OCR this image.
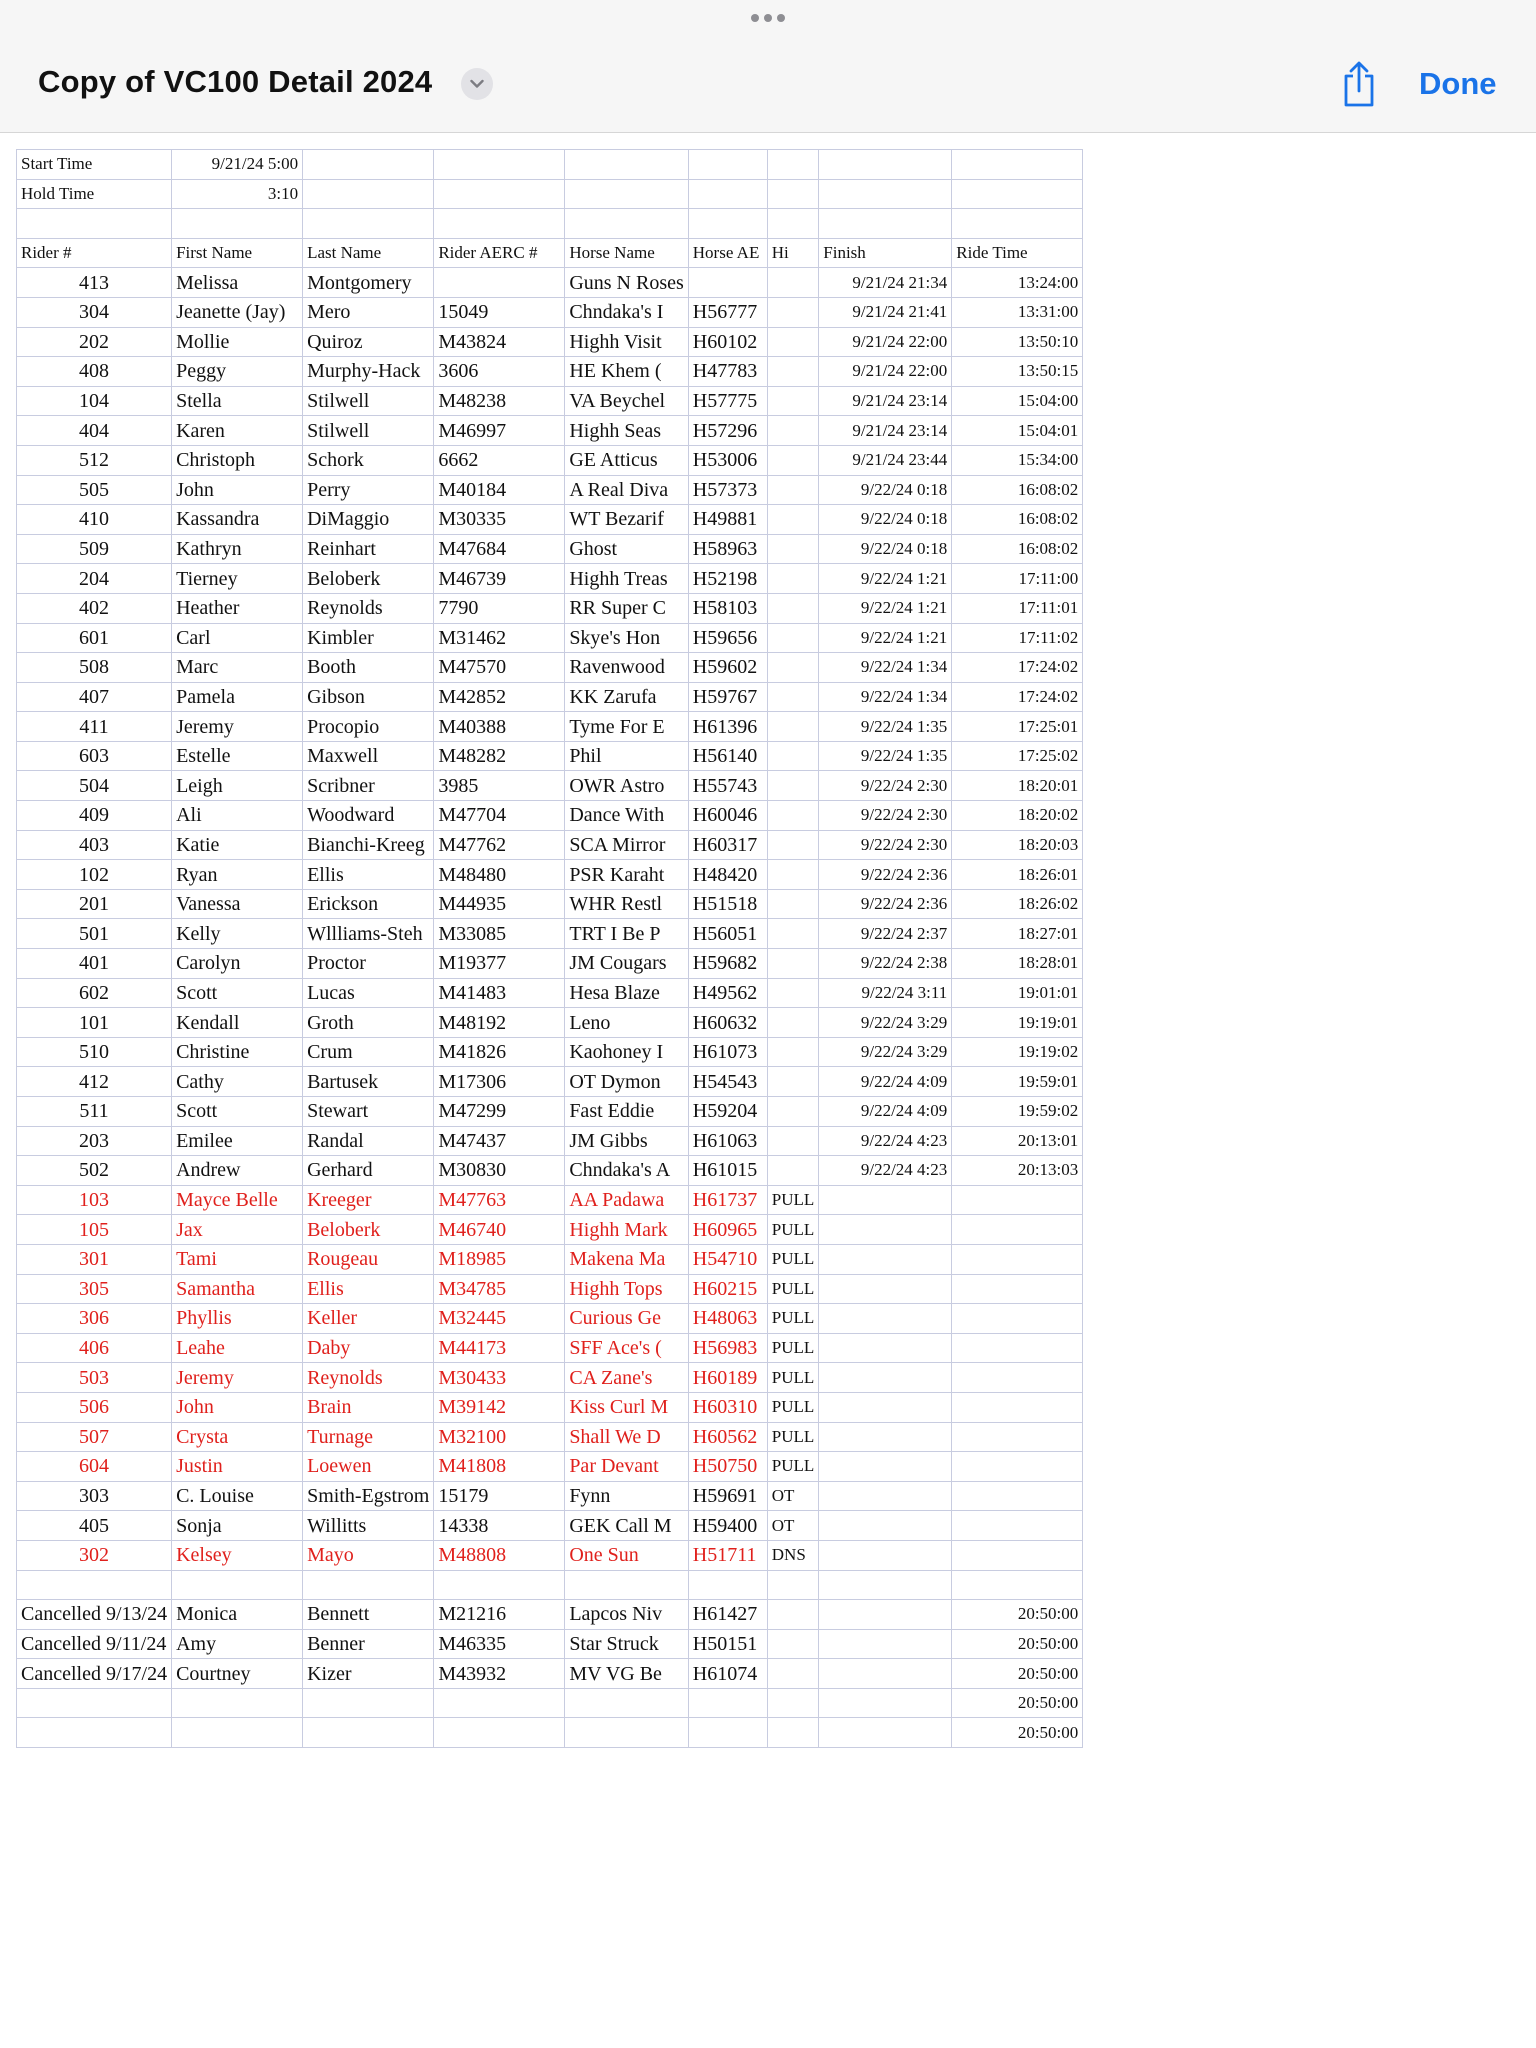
Copy of VC100 Detail 2024	Done
Start Time	9/21/24 5:00							
Hold Time	3:10							

Rider #	First Name	Last Name	Rider AERC #	Horse Name	Horse AE	Hi	Finish	Ride Time
413	Melissa	Montgomery		Guns N Roses			9/21/24 21:34	13:24:00
304	Jeanette (Jay)	Mero	15049	Chndaka's I	H56777		9/21/24 21:41	13:31:00
202	Mollie	Quiroz	M43824	Highh Visit	H60102		9/21/24 22:00	13:50:10
408	Peggy	Murphy-Hack	3606	HE Khem (	H47783		9/21/24 22:00	13:50:15
104	Stella	Stilwell	M48238	VA Beychel	H57775		9/21/24 23:14	15:04:00
404	Karen	Stilwell	M46997	Highh Seas	H57296		9/21/24 23:14	15:04:01
512	Christoph	Schork	6662	GE Atticus	H53006		9/21/24 23:44	15:34:00
505	John	Perry	M40184	A Real Diva	H57373		9/22/24 0:18	16:08:02
410	Kassandra	DiMaggio	M30335	WT Bezarif	H49881		9/22/24 0:18	16:08:02
509	Kathryn	Reinhart	M47684	Ghost	H58963		9/22/24 0:18	16:08:02
204	Tierney	Beloberk	M46739	Highh Treas	H52198		9/22/24 1:21	17:11:00
402	Heather	Reynolds	7790	RR Super C	H58103		9/22/24 1:21	17:11:01
601	Carl	Kimbler	M31462	Skye's Hon	H59656		9/22/24 1:21	17:11:02
508	Marc	Booth	M47570	Ravenwood	H59602		9/22/24 1:34	17:24:02
407	Pamela	Gibson	M42852	KK Zarufa	H59767		9/22/24 1:34	17:24:02
411	Jeremy	Procopio	M40388	Tyme For E	H61396		9/22/24 1:35	17:25:01
603	Estelle	Maxwell	M48282	Phil	H56140		9/22/24 1:35	17:25:02
504	Leigh	Scribner	3985	OWR Astro	H55743		9/22/24 2:30	18:20:01
409	Ali	Woodward	M47704	Dance With	H60046		9/22/24 2:30	18:20:02
403	Katie	Bianchi-Kreeg	M47762	SCA Mirror	H60317		9/22/24 2:30	18:20:03
102	Ryan	Ellis	M48480	PSR Karaht	H48420		9/22/24 2:36	18:26:01
201	Vanessa	Erickson	M44935	WHR Restl	H51518		9/22/24 2:36	18:26:02
501	Kelly	Wllliams-Steh	M33085	TRT I Be P	H56051		9/22/24 2:37	18:27:01
401	Carolyn	Proctor	M19377	JM Cougars	H59682		9/22/24 2:38	18:28:01
602	Scott	Lucas	M41483	Hesa Blaze	H49562		9/22/24 3:11	19:01:01
101	Kendall	Groth	M48192	Leno	H60632		9/22/24 3:29	19:19:01
510	Christine	Crum	M41826	Kaohoney I	H61073		9/22/24 3:29	19:19:02
412	Cathy	Bartusek	M17306	OT Dymon	H54543		9/22/24 4:09	19:59:01
511	Scott	Stewart	M47299	Fast Eddie	H59204		9/22/24 4:09	19:59:02
203	Emilee	Randal	M47437	JM Gibbs	H61063		9/22/24 4:23	20:13:01
502	Andrew	Gerhard	M30830	Chndaka's A	H61015		9/22/24 4:23	20:13:03
103	Mayce Belle	Kreeger	M47763	AA Padawa	H61737	PULL		
105	Jax	Beloberk	M46740	Highh Mark	H60965	PULL		
301	Tami	Rougeau	M18985	Makena Ma	H54710	PULL		
305	Samantha	Ellis	M34785	Highh Tops	H60215	PULL		
306	Phyllis	Keller	M32445	Curious Ge	H48063	PULL		
406	Leahe	Daby	M44173	SFF Ace's (	H56983	PULL		
503	Jeremy	Reynolds	M30433	CA Zane's	H60189	PULL		
506	John	Brain	M39142	Kiss Curl M	H60310	PULL		
507	Crysta	Turnage	M32100	Shall We D	H60562	PULL		
604	Justin	Loewen	M41808	Par Devant	H50750	PULL		
303	C. Louise	Smith-Egstrom	15179	Fynn	H59691	OT		
405	Sonja	Willitts	14338	GEK Call M	H59400	OT		
302	Kelsey	Mayo	M48808	One Sun	H51711	DNS		

Cancelled 9/13/24	Monica	Bennett	M21216	Lapcos Niv	H61427			20:50:00
Cancelled 9/11/24	Amy	Benner	M46335	Star Struck	H50151			20:50:00
Cancelled 9/17/24	Courtney	Kizer	M43932	MV VG Be	H61074			20:50:00
								20:50:00
								20:50:00
